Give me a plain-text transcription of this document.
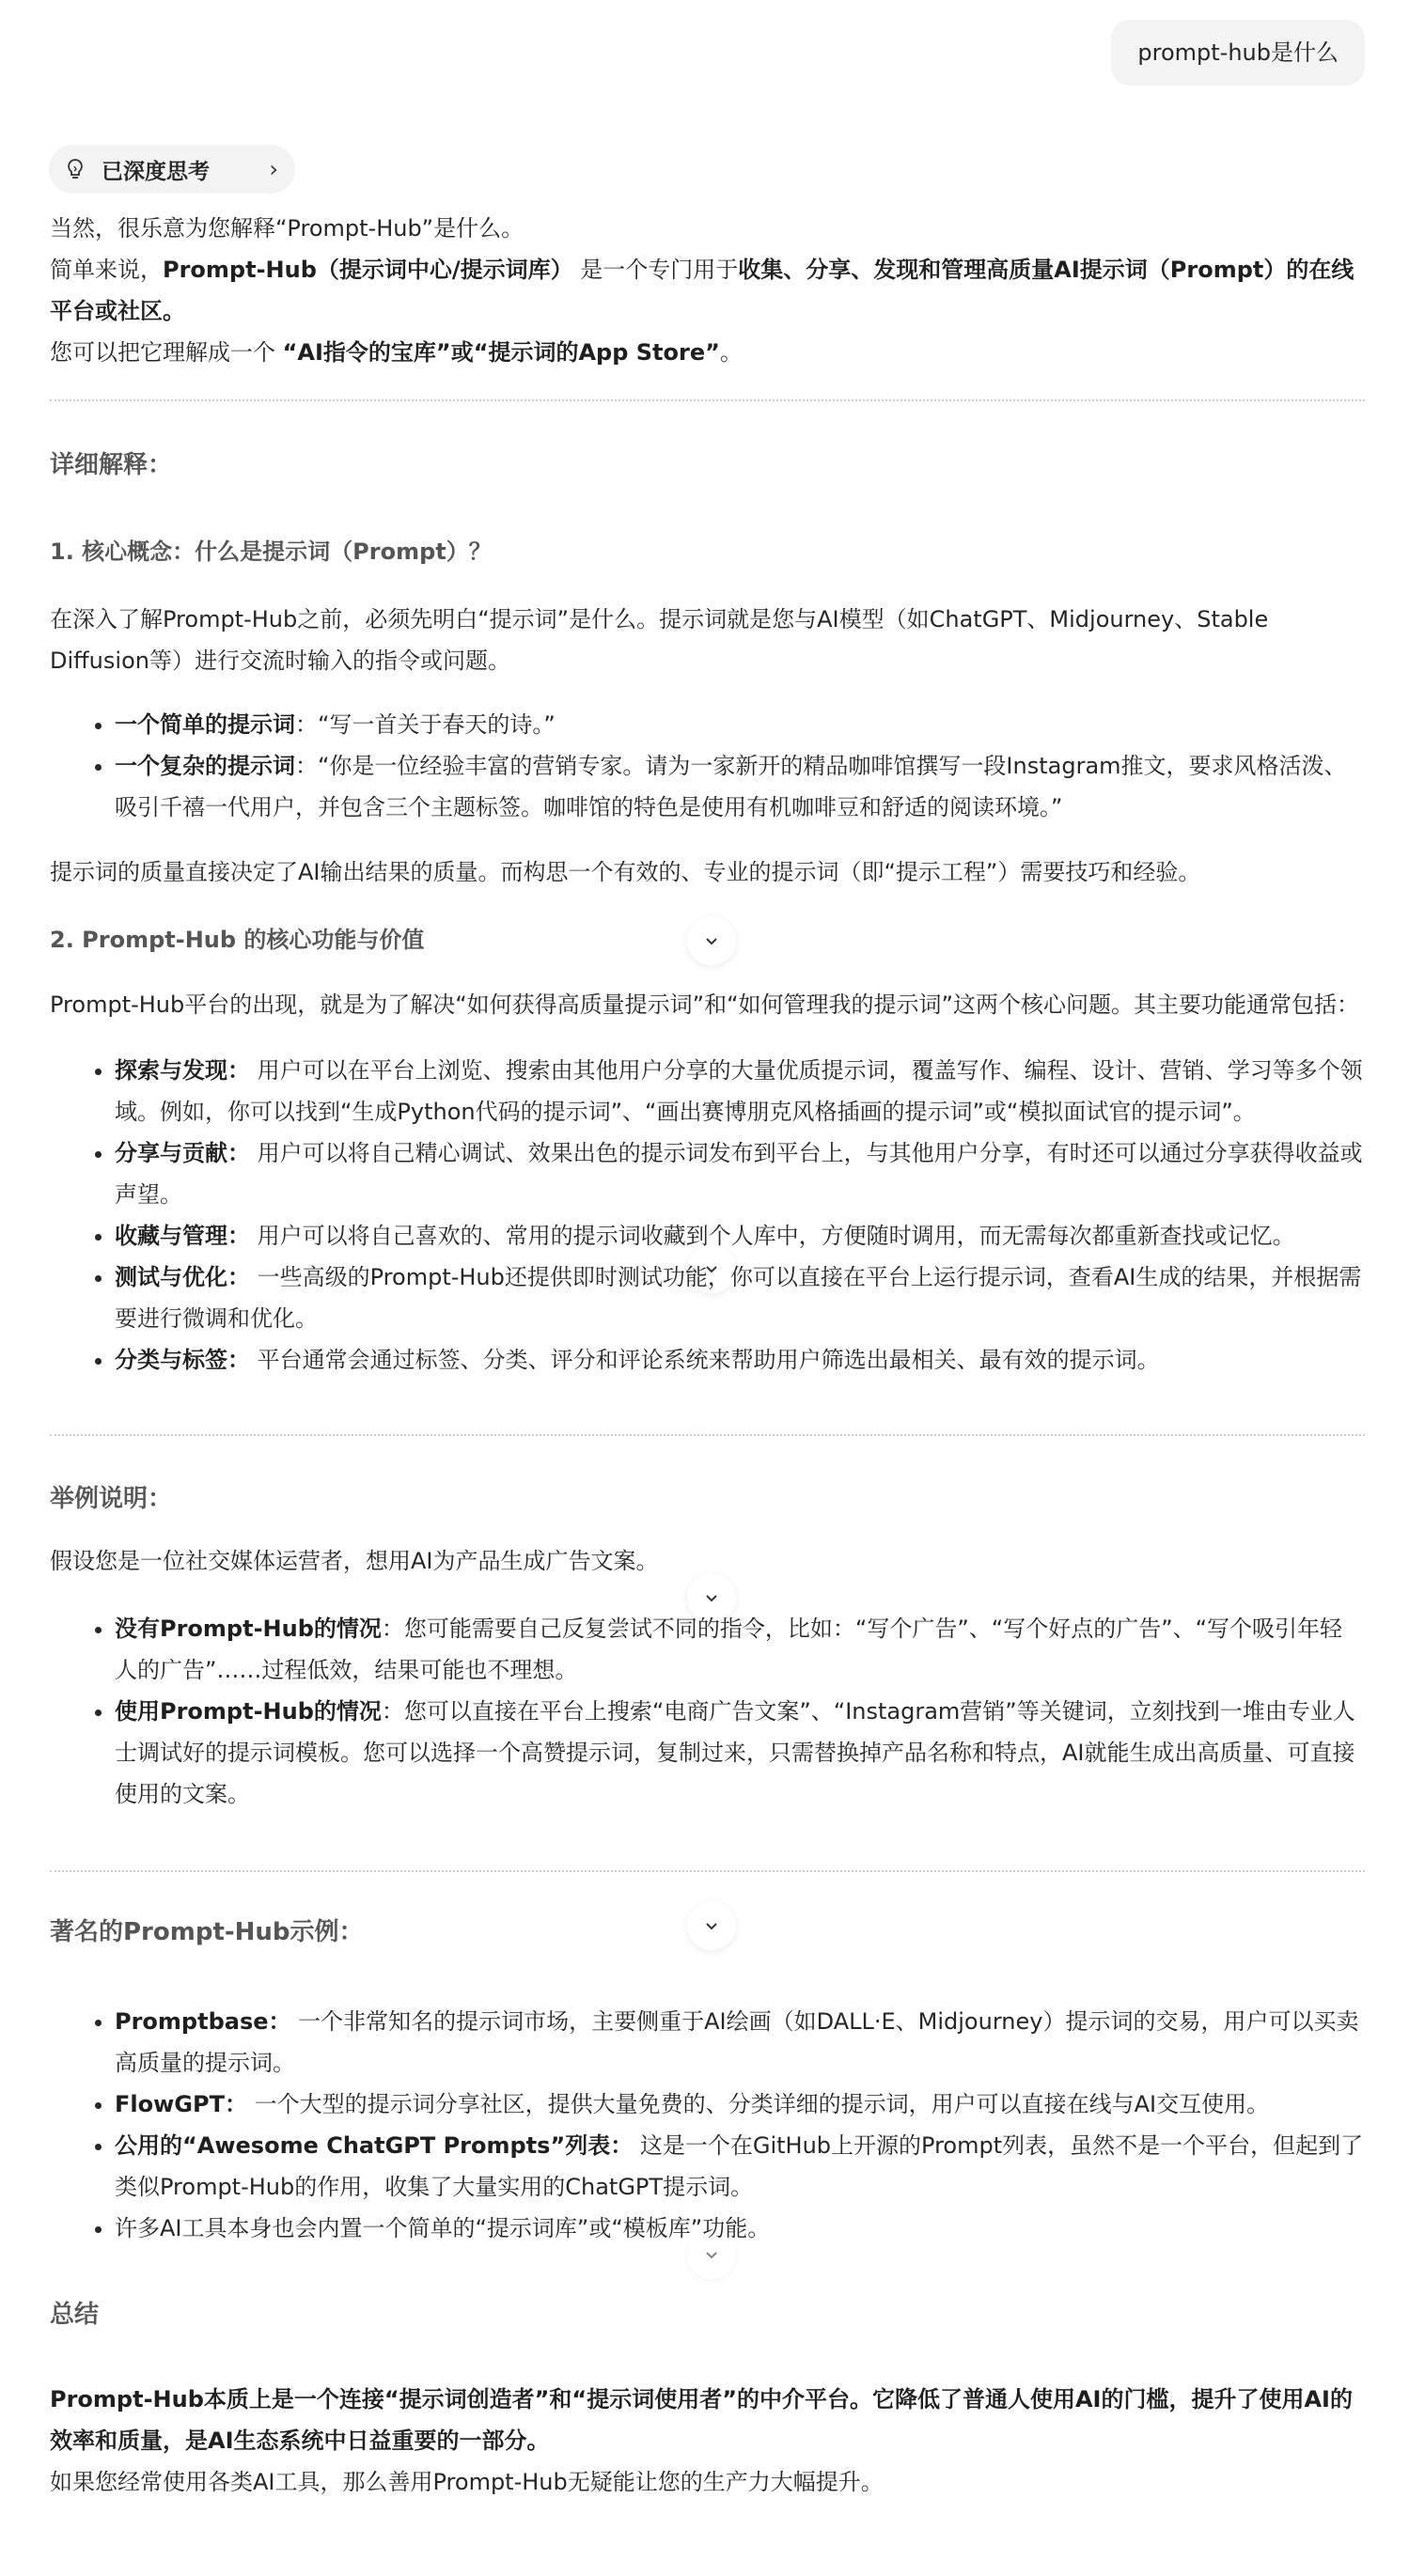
prompt-hub是什么
已深度思考	›

当然，很乐意为您解释“Prompt-Hub”是什么。

简单来说，Prompt-Hub（提示词中心/提示词库） 是一个专门用于收集、分享、发现和管理高质量AI提示词（Prompt）的在线平台或社区。

您可以把它理解成一个 “AI指令的宝库”或“提示词的App Store”。

详细解释：
1. 核心概念：什么是提示词（Prompt）？

在深入了解Prompt-Hub之前，必须先明白“提示词”是什么。提示词就是您与AI模型（如ChatGPT、Midjourney、Stable Diffusion等）进行交流时输入的指令或问题。

• 一个简单的提示词：“写一首关于春天的诗。”
• 一个复杂的提示词：“你是一位经验丰富的营销专家。请为一家新开的精品咖啡馆撰写一段Instagram推文，要求风格活泼、吸引千禧一代用户，并包含三个主题标签。咖啡馆的特色是使用有机咖啡豆和舒适的阅读环境。”

提示词的质量直接决定了AI输出结果的质量。而构思一个有效的、专业的提示词（即“提示工程”）需要技巧和经验。

2. Prompt-Hub 的核心功能与价值

Prompt-Hub平台的出现，就是为了解决“如何获得高质量提示词”和“如何管理我的提示词”这两个核心问题。其主要功能通常包括：

• 探索与发现： 用户可以在平台上浏览、搜索由其他用户分享的大量优质提示词，覆盖写作、编程、设计、营销、学习等多个领域。例如，你可以找到“生成Python代码的提示词”、“画出赛博朋克风格插画的提示词”或“模拟面试官的提示词”。
• 分享与贡献： 用户可以将自己精心调试、效果出色的提示词发布到平台上，与其他用户分享，有时还可以通过分享获得收益或声望。
• 收藏与管理： 用户可以将自己喜欢的、常用的提示词收藏到个人库中，方便随时调用，而无需每次都重新查找或记忆。
• 测试与优化： 一些高级的Prompt-Hub还提供即时测试功能，你可以直接在平台上运行提示词，查看AI生成的结果，并根据需要进行微调和优化。
• 分类与标签： 平台通常会通过标签、分类、评分和评论系统来帮助用户筛选出最相关、最有效的提示词。
举例说明：

假设您是一位社交媒体运营者，想用AI为产品生成广告文案。

• 没有Prompt-Hub的情况：您可能需要自己反复尝试不同的指令，比如：“写个广告”、“写个好点的广告”、“写个吸引年轻人的广告”……过程低效，结果可能也不理想。
• 使用Prompt-Hub的情况：您可以直接在平台上搜索“电商广告文案”、“Instagram营销”等关键词，立刻找到一堆由专业人士调试好的提示词模板。您可以选择一个高赞提示词，复制过来，只需替换掉产品名称和特点，AI就能生成出高质量、可直接使用的文案。
著名的Prompt-Hub示例：
• Promptbase： 一个非常知名的提示词市场，主要侧重于AI绘画（如DALL·E、Midjourney）提示词的交易，用户可以买卖高质量的提示词。
• FlowGPT： 一个大型的提示词分享社区，提供大量免费的、分类详细的提示词，用户可以直接在线与AI交互使用。
• 公用的“Awesome ChatGPT Prompts”列表： 这是一个在GitHub上开源的Prompt列表，虽然不是一个平台，但起到了类似Prompt-Hub的作用，收集了大量实用的ChatGPT提示词。
• 许多AI工具本身也会内置一个简单的“提示词库”或“模板库”功能。
总结

Prompt-Hub本质上是一个连接“提示词创造者”和“提示词使用者”的中介平台。它降低了普通人使用AI的门槛，提升了使用AI的效率和质量，是AI生态系统中日益重要的一部分。

如果您经常使用各类AI工具，那么善用Prompt-Hub无疑能让您的生产力大幅提升。
